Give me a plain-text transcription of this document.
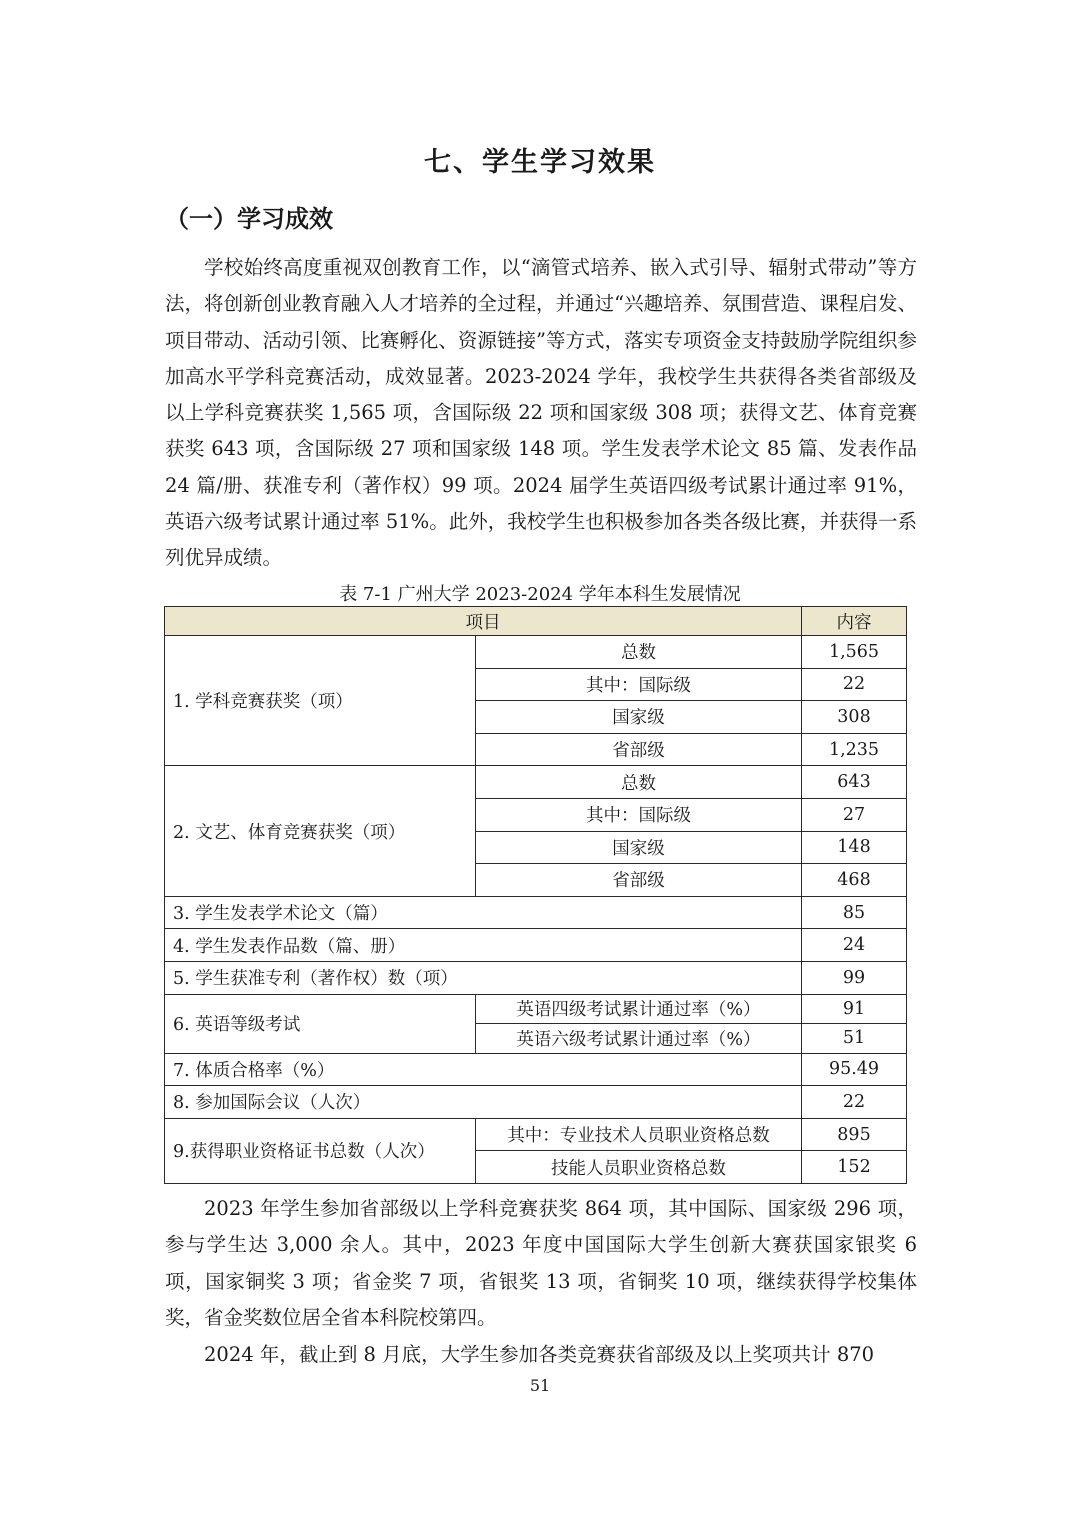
七、学生学习效果
（一）学习成效

学校始终高度重视双创教育工作，以“滴管式培养、嵌入式引导、辐射式带动”等方法，将创新创业教育融入人才培养的全过程，并通过“兴趣培养、氛围营造、课程启发、项目带动、活动引领、比赛孵化、资源链接”等方式，落实专项资金支持鼓励学院组织参加高水平学科竞赛活动，成效显著。2023-2024 学年，我校学生共获得各类省部级及以上学科竞赛获奖 1,565 项，含国际级 22 项和国家级 308 项；获得文艺、体育竞赛获奖 643 项，含国际级 27 项和国家级 148 项。学生发表学术论文 85 篇、发表作品 24 篇/册、获准专利（著作权）99 项。2024 届学生英语四级考试累计通过率 91%，英语六级考试累计通过率 51%。此外，我校学生也积极参加各类各级比赛，并获得一系列优异成绩。

表 7-1 广州大学 2023-2024 学年本科生发展情况
项目		内容
1. 学科竞赛获奖（项）	总数	1,565
	其中：国际级	22
	国家级	308
	省部级	1,235
2. 文艺、体育竞赛获奖（项）	总数	643
	其中：国际级	27
	国家级	148
	省部级	468
3. 学生发表学术论文（篇）		85
4. 学生发表作品数（篇、册）		24
5. 学生获准专利（著作权）数（项）		99
6. 英语等级考试	英语四级考试累计通过率（%）	91
	英语六级考试累计通过率（%）	51
7. 体质合格率（%）		95.49
8. 参加国际会议（人次）		22
9.获得职业资格证书总数（人次）	其中：专业技术人员职业资格总数	895
	技能人员职业资格总数	152

2023 年学生参加省部级以上学科竞赛获奖 864 项，其中国际、国家级 296 项，参与学生达 3,000 余人。其中，2023 年度中国国际大学生创新大赛获国家银奖 6 项，国家铜奖 3 项；省金奖 7 项，省银奖 13 项，省铜奖 10 项，继续获得学校集体奖，省金奖数位居全省本科院校第四。

2024 年，截止到 8 月底，大学生参加各类竞赛获省部级及以上奖项共计 870

51
